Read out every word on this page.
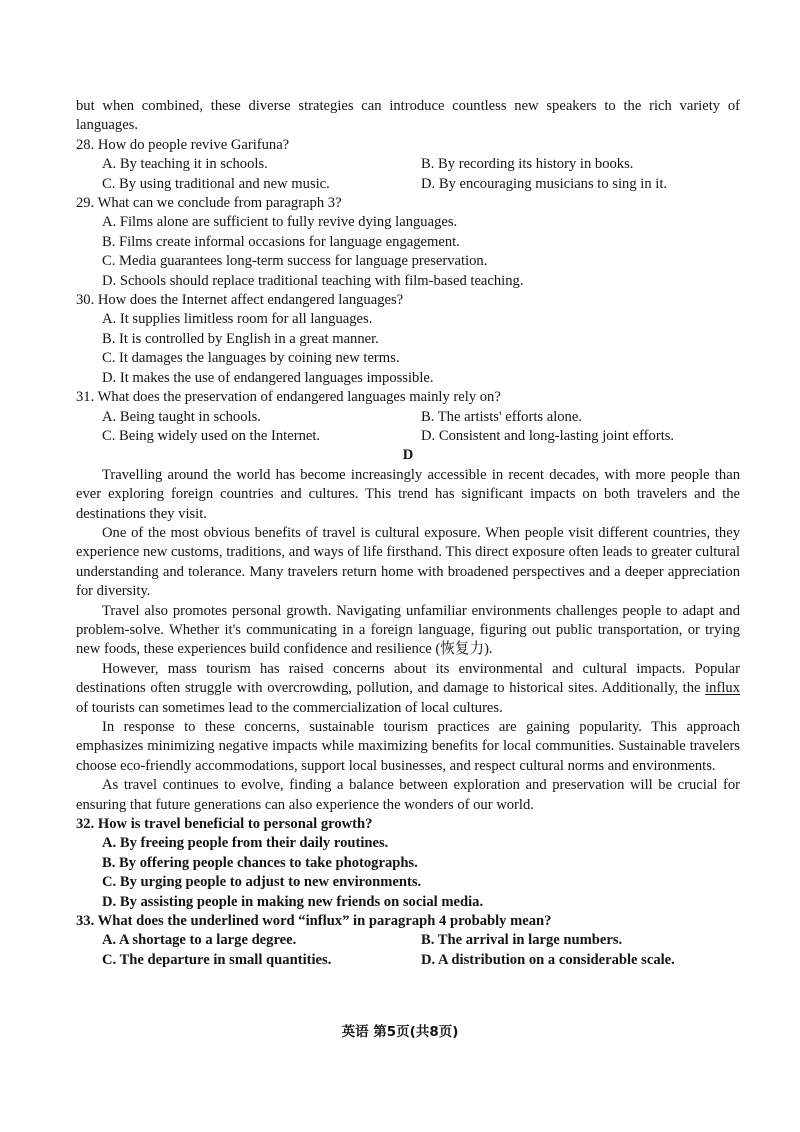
but when combined, these diverse strategies can introduce countless new speakers to the rich variety of languages.

28. How do people revive Garifuna?
A. By teaching it in schools.	B. By recording its history in books.
C. By using traditional and new music.	D. By encouraging musicians to sing in it.
29. What can we conclude from paragraph 3?
A. Films alone are sufficient to fully revive dying languages.
B. Films create informal occasions for language engagement.
C. Media guarantees long-term success for language preservation.
D. Schools should replace traditional teaching with film-based teaching.
30. How does the Internet affect endangered languages?
A. It supplies limitless room for all languages.
B. It is controlled by English in a great manner.
C. It damages the languages by coining new terms.
D. It makes the use of endangered languages impossible.
31. What does the preservation of endangered languages mainly rely on?
A. Being taught in schools.	B. The artists' efforts alone.
C. Being widely used on the Internet.	D. Consistent and long-lasting joint efforts.
D

Travelling around the world has become increasingly accessible in recent decades, with more people than ever exploring foreign countries and cultures. This trend has significant impacts on both travelers and the destinations they visit.

One of the most obvious benefits of travel is cultural exposure. When people visit different countries, they experience new customs, traditions, and ways of life firsthand. This direct exposure often leads to greater cultural understanding and tolerance. Many travelers return home with broadened perspectives and a deeper appreciation for diversity.

Travel also promotes personal growth. Navigating unfamiliar environments challenges people to adapt and problem-solve. Whether it's communicating in a foreign language, figuring out public transportation, or trying new foods, these experiences build confidence and resilience (恢复力).

However, mass tourism has raised concerns about its environmental and cultural impacts. Popular destinations often struggle with overcrowding, pollution, and damage to historical sites. Additionally, the influx of tourists can sometimes lead to the commercialization of local cultures.

In response to these concerns, sustainable tourism practices are gaining popularity. This approach emphasizes minimizing negative impacts while maximizing benefits for local communities. Sustainable travelers choose eco-friendly accommodations, support local businesses, and respect cultural norms and environments.

As travel continues to evolve, finding a balance between exploration and preservation will be crucial for ensuring that future generations can also experience the wonders of our world.

32. How is travel beneficial to personal growth?
A. By freeing people from their daily routines.
B. By offering people chances to take photographs.
C. By urging people to adjust to new environments.
D. By assisting people in making new friends on social media.
33. What does the underlined word “influx” in paragraph 4 probably mean?
A. A shortage to a large degree.	B. The arrival in large numbers.
C. The departure in small quantities.	D. A distribution on a considerable scale.
英语 第5页(共8页)
